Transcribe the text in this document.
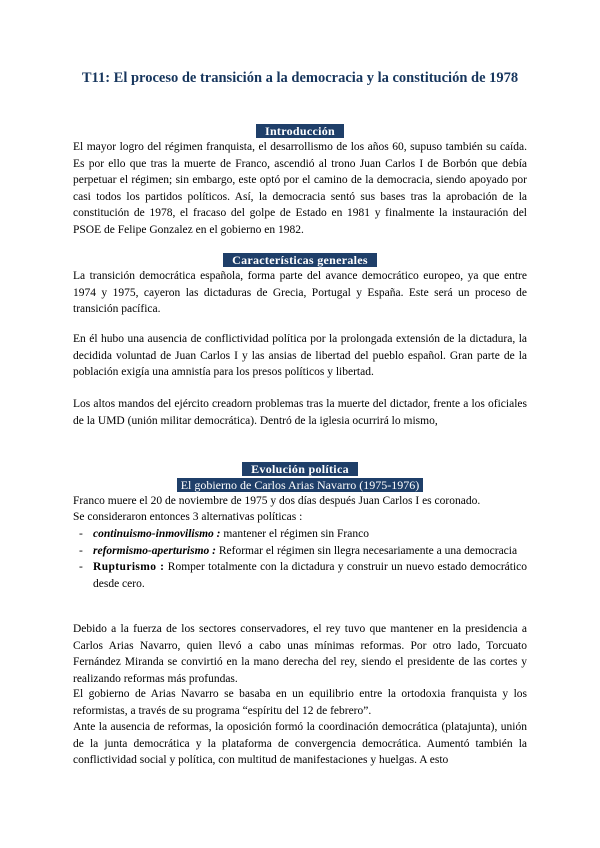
T11: El proceso de transición a la democracia y la constitución de 1978
Introducción

El mayor logro del régimen franquista, el desarrollismo de los años 60, supuso también su caída. Es por ello que tras la muerte de Franco, ascendió al trono Juan Carlos I de Borbón que debía perpetuar el régimen; sin embargo, este optó por el camino de la democracia, siendo apoyado por casi todos los partidos políticos. Así, la democracia sentó sus bases tras la aprobación de la constitución de 1978, el fracaso del golpe de Estado en 1981 y finalmente la instauración del PSOE de Felipe Gonzalez en el gobierno en 1982.

Características generales

La transición democrática española, forma parte del avance democrático europeo, ya que entre 1974 y 1975, cayeron las dictaduras de Grecia, Portugal y España. Este será un proceso de transición pacífica.

En él hubo una ausencia de conflictividad política por la prolongada extensión de la dictadura, la decidida voluntad de Juan Carlos I y las ansias de libertad del pueblo español. Gran parte de la población exigía una amnistía para los presos políticos y libertad.

Los altos mandos del ejército creadorn problemas tras la muerte del dictador, frente a los oficiales de la UMD (unión militar democrática). Dentró de la iglesia ocurrirá lo mismo,

Evolución política
El gobierno de Carlos Arias Navarro (1975-1976)

Franco muere el 20 de noviembre de 1975 y dos días después Juan Carlos I es coronado.

Se consideraron entonces 3 alternativas políticas :

- continuismo-inmovilismo : mantener el régimen sin Franco
- reformismo-aperturismo : Reformar el régimen sin llegra necesariamente a una democracia
- Rupturismo : Romper totalmente con la dictadura y construir un nuevo estado democrático desde cero.

Debido a la fuerza de los sectores conservadores, el rey tuvo que mantener en la presidencia a Carlos Arias Navarro, quien llevó a cabo unas mínimas reformas. Por otro lado, Torcuato Fernández Miranda se convirtió en la mano derecha del rey, siendo el presidente de las cortes y realizando reformas más profundas.

El gobierno de Arias Navarro se basaba en un equilibrio entre la ortodoxia franquista y los reformistas, a través de su programa “espíritu del 12 de febrero”.

Ante la ausencia de reformas, la oposición formó la coordinación democrática (platajunta), unión de la junta democrática y la plataforma de convergencia democrática. Aumentó también la conflictividad social y política, con multitud de manifestaciones y huelgas. A esto
